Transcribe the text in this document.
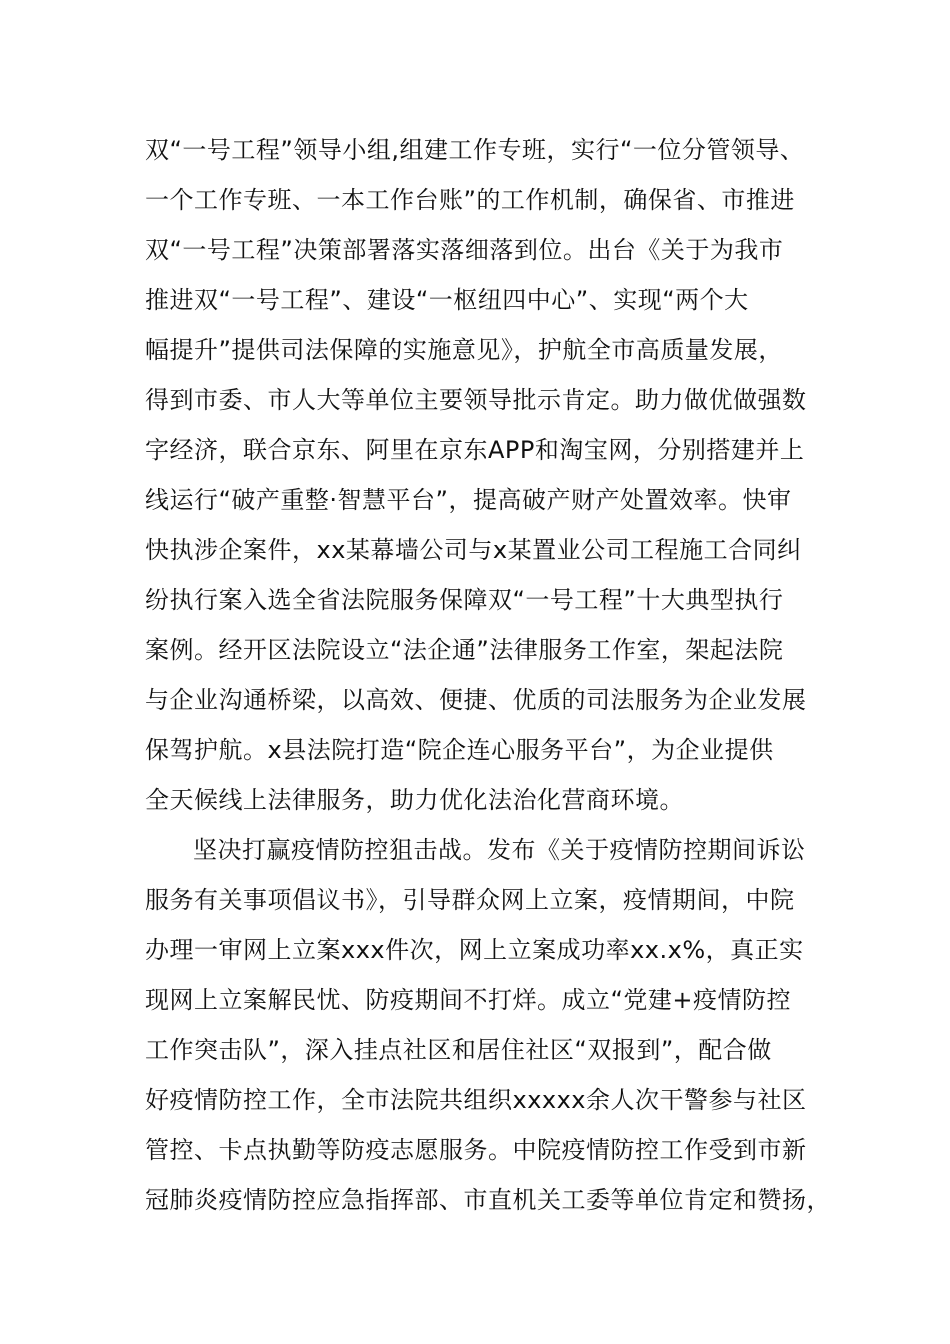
双“一号工程”领导小组,组建工作专班，实行“一位分管领导、
一个工作专班、一本工作台账”的工作机制，确保省、市推进
双“一号工程”决策部署落实落细落到位。出台《关于为我市
推进双“一号工程”、建设“一枢纽四中心”、实现“两个大
幅提升”提供司法保障的实施意见》，护航全市高质量发展，
得到市委、市人大等单位主要领导批示肯定。助力做优做强数
字经济，联合京东、阿里在京东APP和淘宝网，分别搭建并上
线运行“破产重整·智慧平台”，提高破产财产处置效率。快审
快执涉企案件，xx某幕墙公司与x某置业公司工程施工合同纠
纷执行案入选全省法院服务保障双“一号工程”十大典型执行
案例。经开区法院设立“法企通”法律服务工作室，架起法院
与企业沟通桥梁，以高效、便捷、优质的司法服务为企业发展
保驾护航。x县法院打造“院企连心服务平台”，为企业提供
全天候线上法律服务，助力优化法治化营商环境。
坚决打赢疫情防控狙击战。发布《关于疫情防控期间诉讼
服务有关事项倡议书》，引导群众网上立案，疫情期间，中院
办理一审网上立案xxx件次，网上立案成功率xx.x%，真正实
现网上立案解民忧、防疫期间不打烊。成立“党建+疫情防控
工作突击队”，深入挂点社区和居住社区“双报到”，配合做
好疫情防控工作，全市法院共组织xxxxx余人次干警参与社区
管控、卡点执勤等防疫志愿服务。中院疫情防控工作受到市新
冠肺炎疫情防控应急指挥部、市直机关工委等单位肯定和赞扬，
